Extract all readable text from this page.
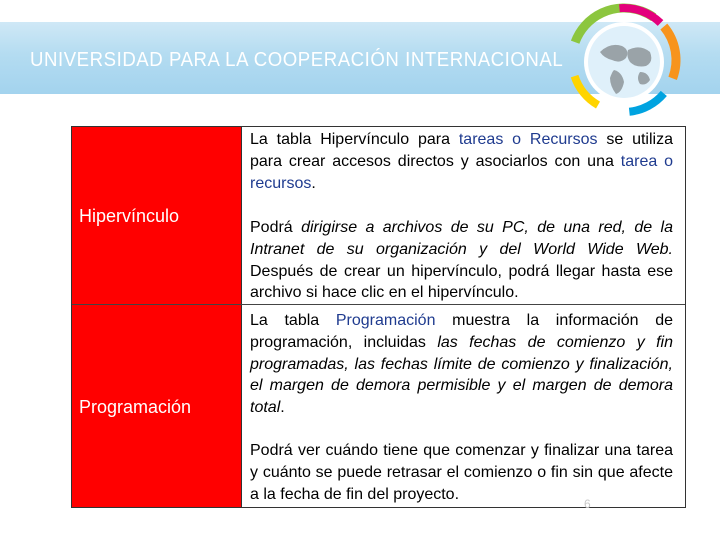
UNIVERSIDAD PARA LA COOPERACIÓN INTERNACIONAL
Hipervínculo
Programación
La tabla Hipervínculo para tareas o Recursos se utiliza para crear accesos directos y asociarlos con una tarea o recursos.
Podrá dirigirse a archivos de su PC, de una red, de la Intranet de su organización y del World Wide Web. Después de crear un hipervínculo, podrá llegar hasta ese archivo si hace clic en el hipervínculo.
La tabla Programación muestra la información de programación, incluidas las fechas de comienzo y fin programadas, las fechas límite de comienzo y finalización, el margen de demora permisible y el margen de demora total.
Podrá ver cuándo tiene que comenzar y finalizar una tarea y cuánto se puede retrasar el comienzo o fin sin que afecte a la fecha de fin del proyecto.
6
